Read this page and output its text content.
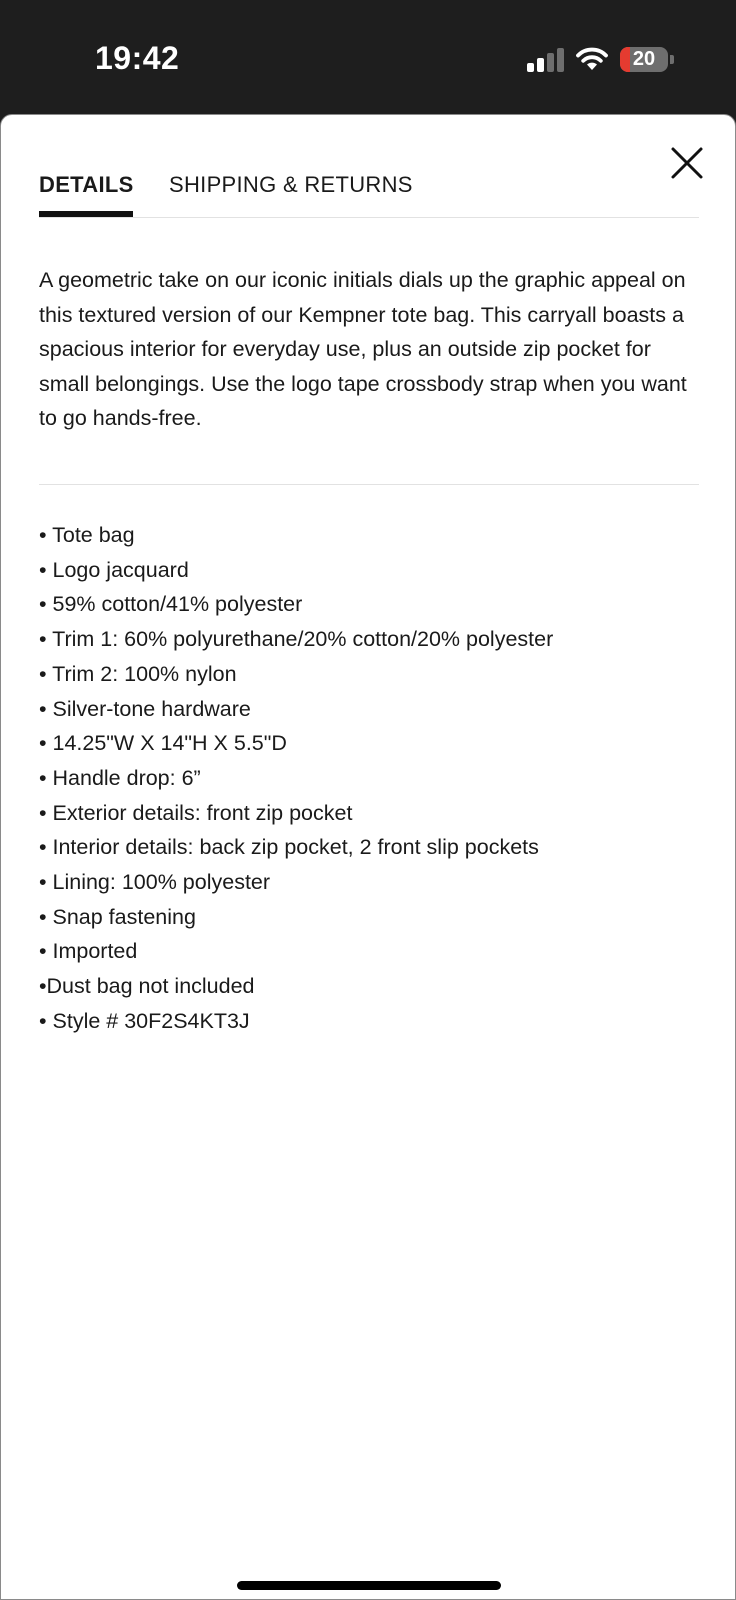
19:42	20
DETAILS SHIPPING & RETURNS

A geometric take on our iconic initials dials up the graphic appeal on this textured version of our Kempner tote bag. This carryall boasts a spacious interior for everyday use, plus an outside zip pocket for small belongings. Use the logo tape crossbody strap when you want to go hands-free.

• Tote bag
• Logo jacquard
• 59% cotton/41% polyester
• Trim 1: 60% polyurethane/20% cotton/20% polyester
• Trim 2: 100% nylon
• Silver-tone hardware
• 14.25"W X 14"H X 5.5"D
• Handle drop: 6”
• Exterior details: front zip pocket
• Interior details: back zip pocket, 2 front slip pockets
• Lining: 100% polyester
• Snap fastening
• Imported
•Dust bag not included
• Style # 30F2S4KT3J
